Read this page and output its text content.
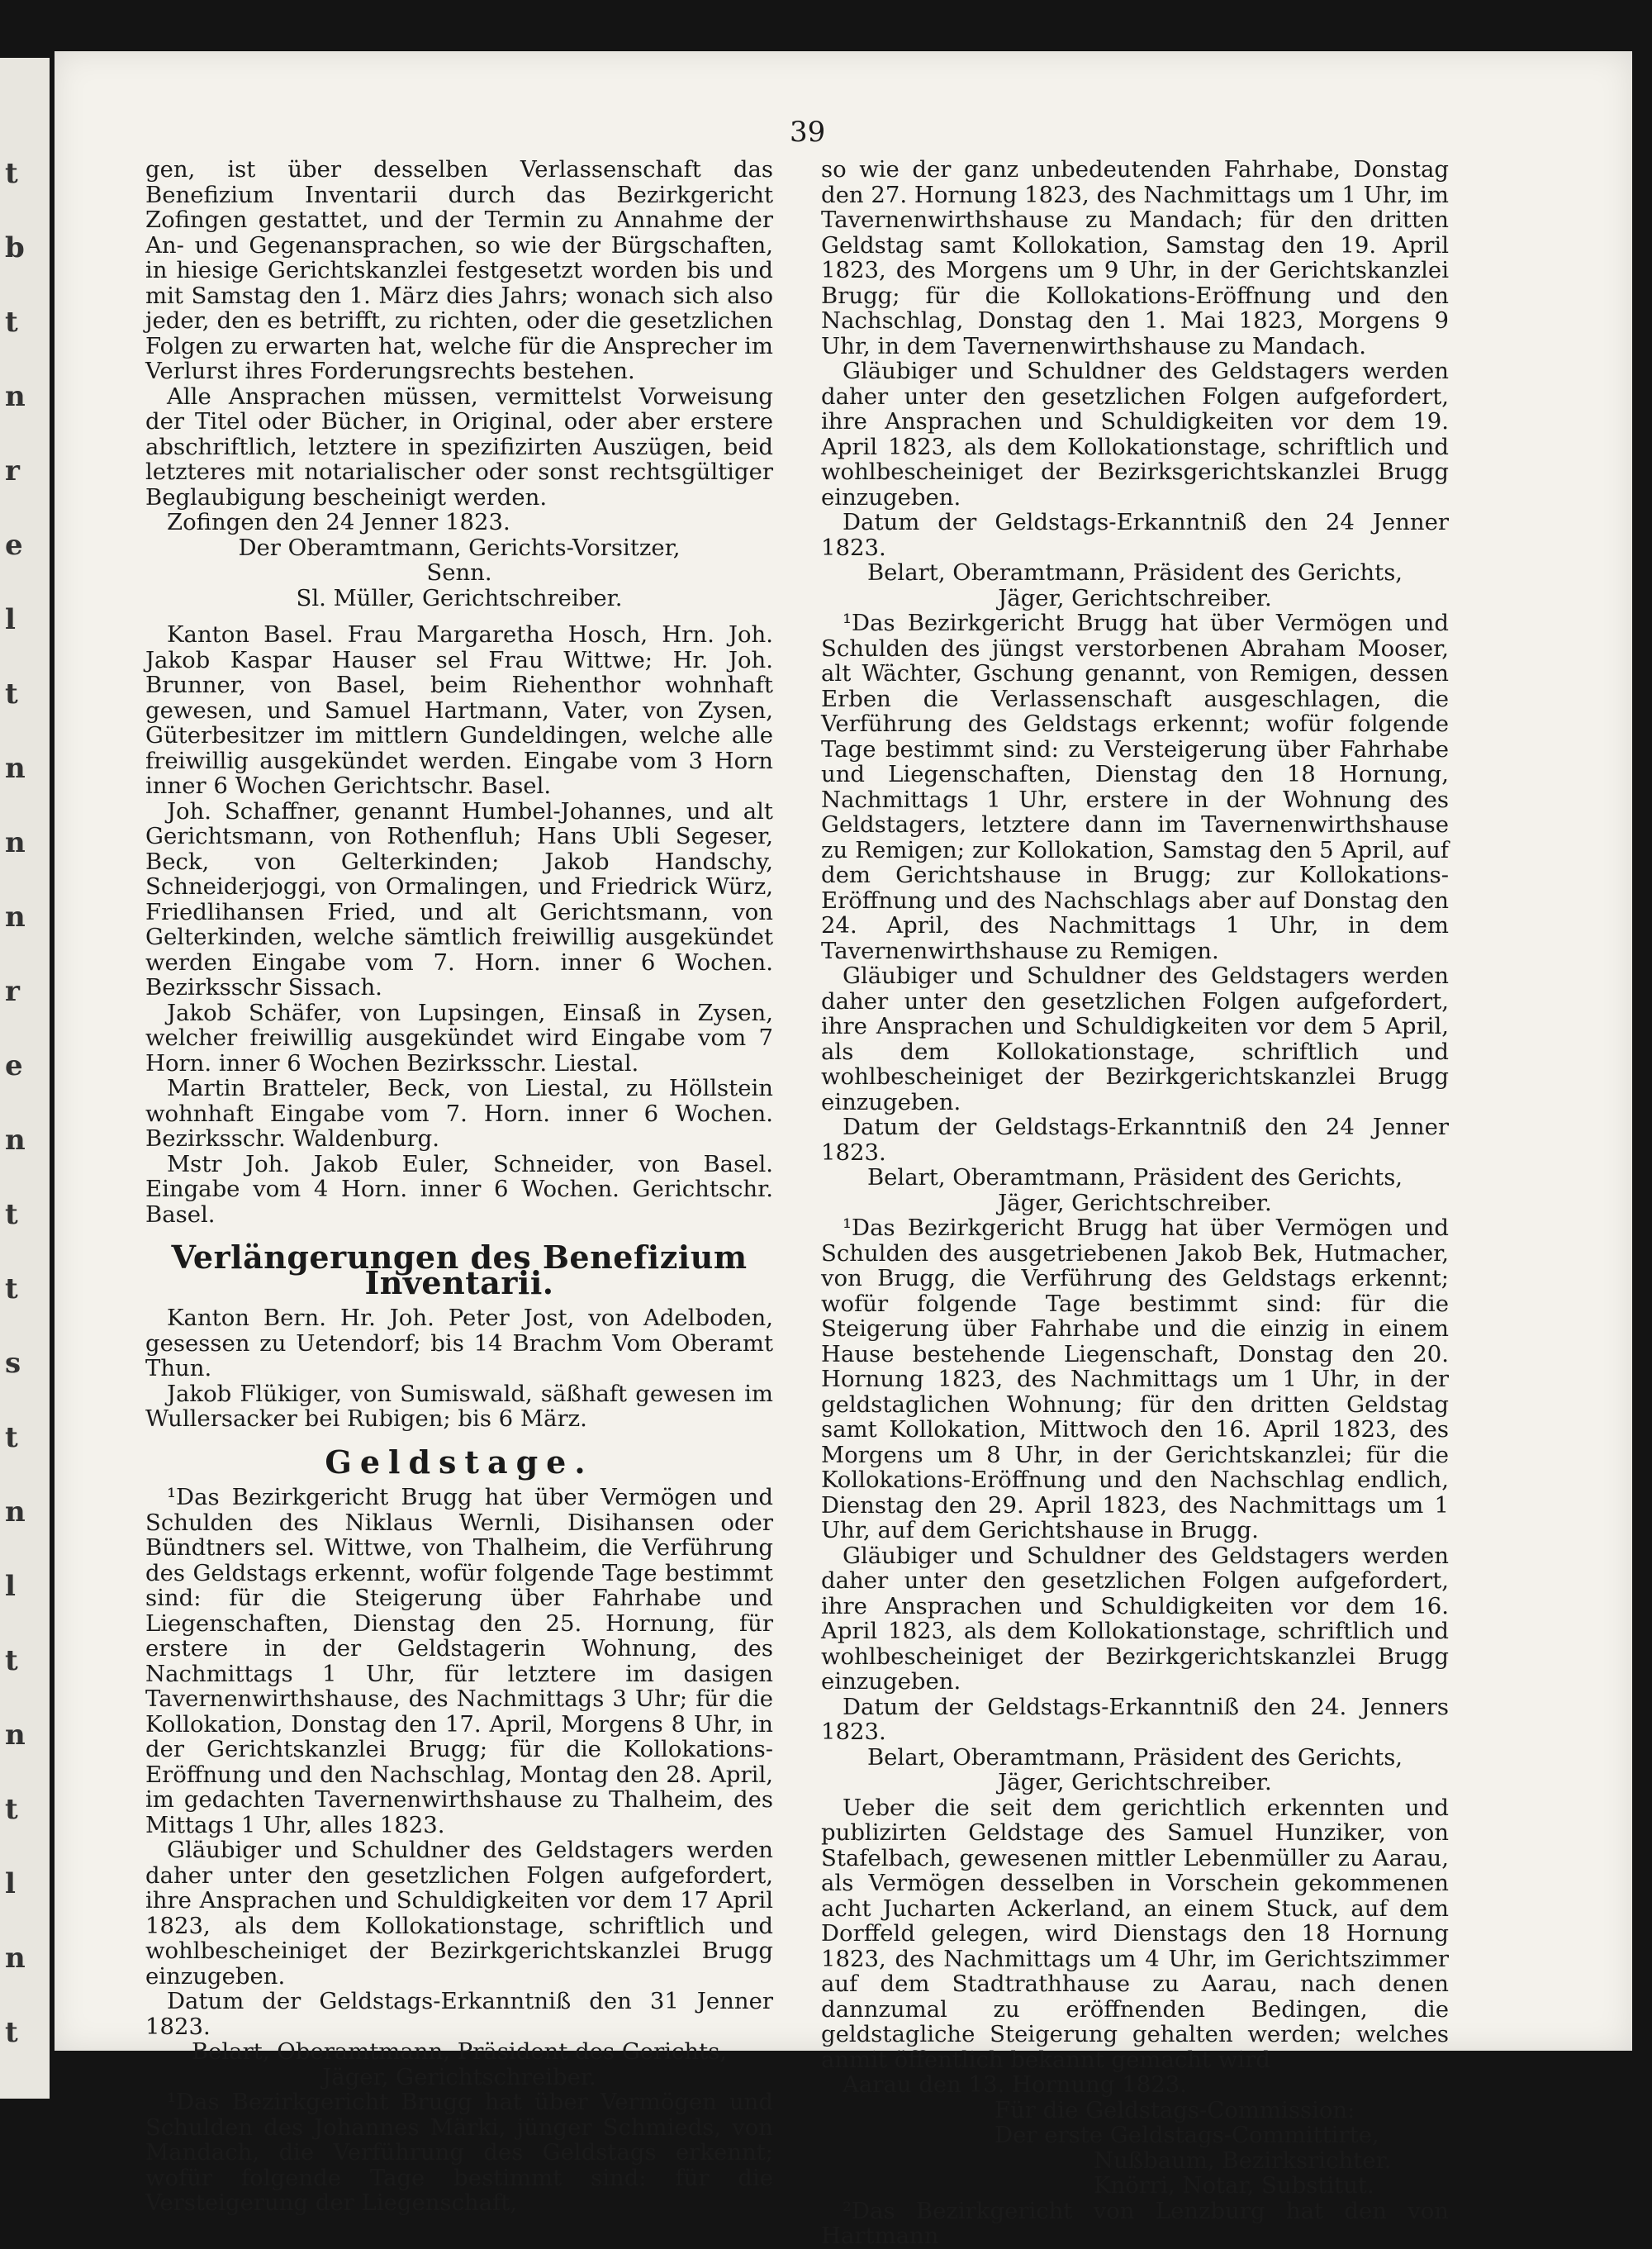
t
b
t
n
r
e
l
t
n
n
n
r
e
n
t
t
s
t
n
l
t
n
t
l
n
t
39

gen, ist über desselben Verlassenschaft das Benefizium Inventarii durch das Bezirkgericht Zofingen gestattet, und der Termin zu Annahme der An- und Gegenansprachen, so wie der Bürgschaften, in hiesige Gerichtskanzlei festgesetzt worden bis und mit Samstag den 1. März dies Jahrs; wonach sich also jeder, den es betrifft, zu richten, oder die gesetzlichen Folgen zu erwarten hat, welche für die Ansprecher im Verlurst ihres Forderungsrechts bestehen.

Alle Ansprachen müssen, vermittelst Vorweisung der Titel oder Bücher, in Original, oder aber erstere abschriftlich, letztere in spezifizirten Auszügen, beid letzteres mit notarialischer oder sonst rechtsgültiger Beglaubigung bescheinigt werden.

Zofingen den 24 Jenner 1823.

Der Oberamtmann, Gerichts-Vorsitzer,

Senn.

Sl. Müller, Gerichtschreiber.

Kanton Basel. Frau Margaretha Hosch, Hrn. Joh. Jakob Kaspar Hauser sel Frau Wittwe; Hr. Joh. Brunner, von Basel, beim Riehenthor wohnhaft gewesen, und Samuel Hartmann, Vater, von Zysen, Güterbesitzer im mittlern Gundeldingen, welche alle freiwillig ausgekündet werden. Eingabe vom 3 Horn inner 6 Wochen Gerichtschr. Basel.

Joh. Schaffner, genannt Humbel-Johannes, und alt Gerichtsmann, von Rothenfluh; Hans Ubli Segeser, Beck, von Gelterkinden; Jakob Handschy, Schneiderjoggi, von Ormalingen, und Friedrick Würz, Friedlihansen Fried, und alt Gerichtsmann, von Gelterkinden, welche sämtlich freiwillig ausgekündet werden Eingabe vom 7. Horn. inner 6 Wochen. Bezirksschr Sissach.

Jakob Schäfer, von Lupsingen, Einsaß in Zysen, welcher freiwillig ausgekündet wird Eingabe vom 7 Horn. inner 6 Wochen Bezirksschr. Liestal.

Martin Bratteler, Beck, von Liestal, zu Höllstein wohnhaft Eingabe vom 7. Horn. inner 6 Wochen. Bezirksschr. Waldenburg.

Mstr Joh. Jakob Euler, Schneider, von Basel. Eingabe vom 4 Horn. inner 6 Wochen. Gerichtschr. Basel.

Verlängerungen des Benefizium Inventarii.

Kanton Bern. Hr. Joh. Peter Jost, von Adelboden, gesessen zu Uetendorf; bis 14 Brachm Vom Oberamt Thun.

Jakob Flükiger, von Sumiswald, säßhaft gewesen im Wullersacker bei Rubigen; bis 6 März.

Geldstage.

¹Das Bezirkgericht Brugg hat über Vermögen und Schulden des Niklaus Wernli, Disihansen oder Bündtners sel. Wittwe, von Thalheim, die Verführung des Geldstags erkennt, wofür folgende Tage bestimmt sind: für die Steigerung über Fahrhabe und Liegenschaften, Dienstag den 25. Hornung, für erstere in der Geldstagerin Wohnung, des Nachmittags 1 Uhr, für letztere im dasigen Tavernenwirthshause, des Nachmittags 3 Uhr; für die Kollokation, Donstag den 17. April, Morgens 8 Uhr, in der Gerichtskanzlei Brugg; für die Kollokations-Eröffnung und den Nachschlag, Montag den 28. April, im gedachten Tavernenwirthshause zu Thalheim, des Mittags 1 Uhr, alles 1823.

Gläubiger und Schuldner des Geldstagers werden daher unter den gesetzlichen Folgen aufgefordert, ihre Ansprachen und Schuldigkeiten vor dem 17 April 1823, als dem Kollokationstage, schriftlich und wohlbescheiniget der Bezirkgerichtskanzlei Brugg einzugeben.

Datum der Geldstags-Erkanntniß den 31 Jenner 1823.

Belart, Oberamtmann, Präsident des Gerichts,

Jäger, Gerichtschreiber.

¹Das Bezirkgericht Brugg hat über Vermögen und Schulden des Johannes Märki, jünger Schmieds, von Mandach, die Verführung des Geldstags erkennt; wofür folgende Tage bestimmt sind: für die Versteigerung der Liegenschaft,

so wie der ganz unbedeutenden Fahrhabe, Donstag den 27. Hornung 1823, des Nachmittags um 1 Uhr, im Tavernenwirthshause zu Mandach; für den dritten Geldstag samt Kollokation, Samstag den 19. April 1823, des Morgens um 9 Uhr, in der Gerichtskanzlei Brugg; für die Kollokations-Eröffnung und den Nachschlag, Donstag den 1. Mai 1823, Morgens 9 Uhr, in dem Tavernenwirthshause zu Mandach.

Gläubiger und Schuldner des Geldstagers werden daher unter den gesetzlichen Folgen aufgefordert, ihre Ansprachen und Schuldigkeiten vor dem 19. April 1823, als dem Kollokationstage, schriftlich und wohlbescheiniget der Bezirksgerichtskanzlei Brugg einzugeben.

Datum der Geldstags-Erkanntniß den 24 Jenner 1823.

Belart, Oberamtmann, Präsident des Gerichts,

Jäger, Gerichtschreiber.

¹Das Bezirkgericht Brugg hat über Vermögen und Schulden des jüngst verstorbenen Abraham Mooser, alt Wächter, Gschung genannt, von Remigen, dessen Erben die Verlassenschaft ausgeschlagen, die Verführung des Geldstags erkennt; wofür folgende Tage bestimmt sind: zu Versteigerung über Fahrhabe und Liegenschaften, Dienstag den 18 Hornung, Nachmittags 1 Uhr, erstere in der Wohnung des Geldstagers, letztere dann im Tavernenwirthshause zu Remigen; zur Kollokation, Samstag den 5 April, auf dem Gerichtshause in Brugg; zur Kollokations-Eröffnung und des Nachschlags aber auf Donstag den 24. April, des Nachmittags 1 Uhr, in dem Tavernenwirthshause zu Remigen.

Gläubiger und Schuldner des Geldstagers werden daher unter den gesetzlichen Folgen aufgefordert, ihre Ansprachen und Schuldigkeiten vor dem 5 April, als dem Kollokationstage, schriftlich und wohlbescheiniget der Bezirkgerichtskanzlei Brugg einzugeben.

Datum der Geldstags-Erkanntniß den 24 Jenner 1823.

Belart, Oberamtmann, Präsident des Gerichts,

Jäger, Gerichtschreiber.

¹Das Bezirkgericht Brugg hat über Vermögen und Schulden des ausgetriebenen Jakob Bek, Hutmacher, von Brugg, die Verführung des Geldstags erkennt; wofür folgende Tage bestimmt sind: für die Steigerung über Fahrhabe und die einzig in einem Hause bestehende Liegenschaft, Donstag den 20. Hornung 1823, des Nachmittags um 1 Uhr, in der geldstaglichen Wohnung; für den dritten Geldstag samt Kollokation, Mittwoch den 16. April 1823, des Morgens um 8 Uhr, in der Gerichtskanzlei; für die Kollokations-Eröffnung und den Nachschlag endlich, Dienstag den 29. April 1823, des Nachmittags um 1 Uhr, auf dem Gerichtshause in Brugg.

Gläubiger und Schuldner des Geldstagers werden daher unter den gesetzlichen Folgen aufgefordert, ihre Ansprachen und Schuldigkeiten vor dem 16. April 1823, als dem Kollokationstage, schriftlich und wohlbescheiniget der Bezirkgerichtskanzlei Brugg einzugeben.

Datum der Geldstags-Erkanntniß den 24. Jenners 1823.

Belart, Oberamtmann, Präsident des Gerichts,

Jäger, Gerichtschreiber.

Ueber die seit dem gerichtlich erkennten und publizirten Geldstage des Samuel Hunziker, von Stafelbach, gewesenen mittler Lebenmüller zu Aarau, als Vermögen desselben in Vorschein gekommenen acht Jucharten Ackerland, an einem Stuck, auf dem Dorffeld gelegen, wird Dienstags den 18 Hornung 1823, des Nachmittags um 4 Uhr, im Gerichtszimmer auf dem Stadtrathhause zu Aarau, nach denen dannzumal zu eröffnenden Bedingen, die geldstagliche Steigerung gehalten werden; welches anmit öffentlich bekannt gemacht wird

Aarau den 13. Hornung 1823.

Für die Geldstags-Commission:

Der erste Geldstags-Committirte,

Nußbaum, Bezirksrichter.

Knörri, Notar, Substitut.

²Das Bezirkgericht von Lenzburg hat den von Hartmann
